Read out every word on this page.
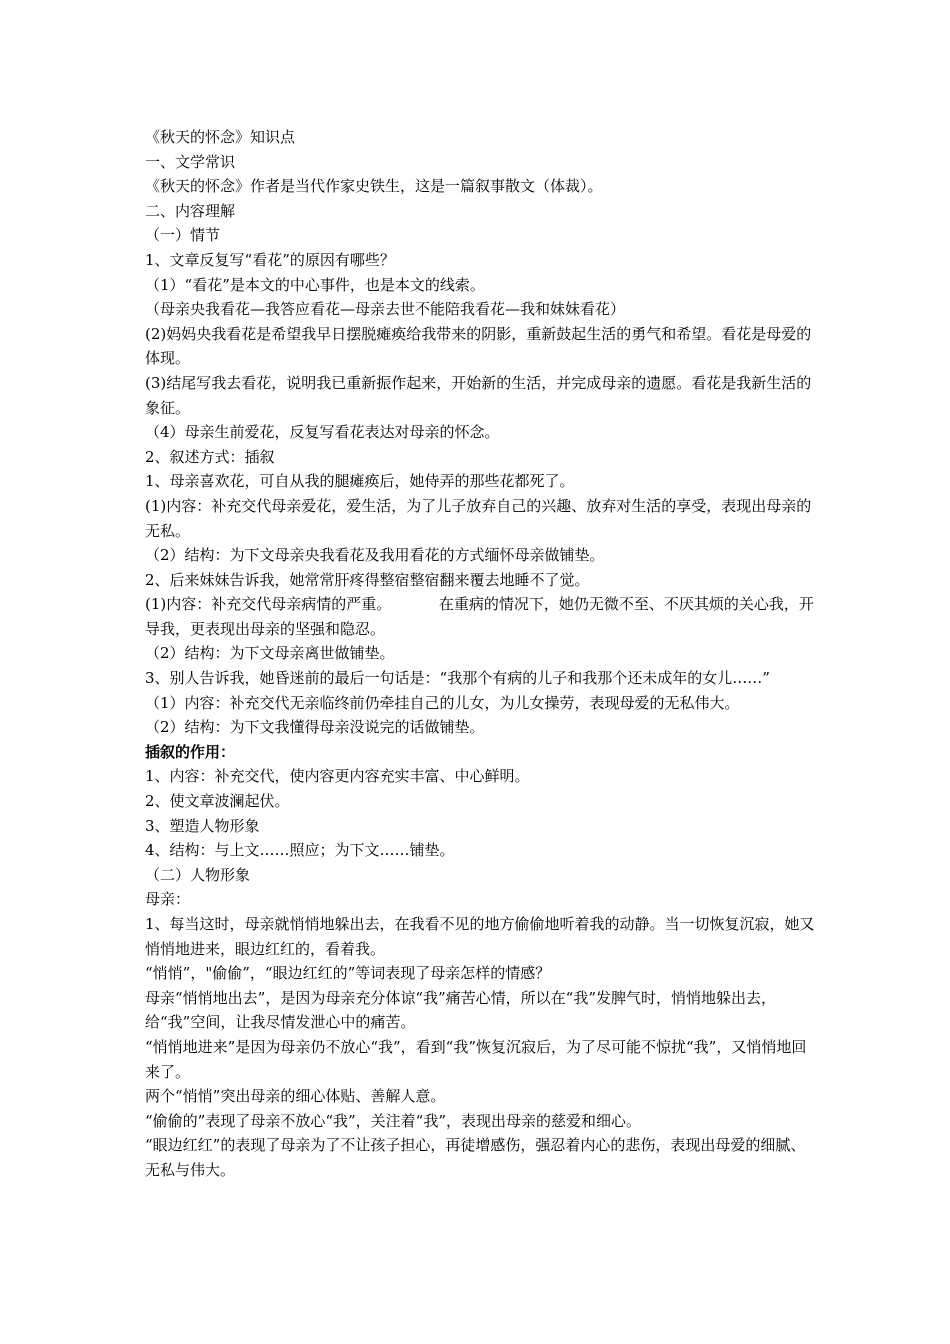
《秋天的怀念》知识点

一、文学常识

《秋天的怀念》作者是当代作家史铁生，这是一篇叙事散文（体裁）。

二、内容理解

（一）情节

1、文章反复写“看花”的原因有哪些？

（1）“看花”是本文的中心事件，也是本文的线索。

（母亲央我看花—我答应看花—母亲去世不能陪我看花—我和妹妹看花）

(2)妈妈央我看花是希望我早日摆脱瘫痪给我带来的阴影，重新鼓起生活的勇气和希望。看花是母爱的体现。

(3)结尾写我去看花，说明我已重新振作起来，开始新的生活，并完成母亲的遗愿。看花是我新生活的象征。

（4）母亲生前爱花，反复写看花表达对母亲的怀念。

2、叙述方式：插叙

1、母亲喜欢花，可自从我的腿瘫痪后，她侍弄的那些花都死了。

(1)内容：补充交代母亲爱花，爱生活，为了儿子放弃自己的兴趣、放弃对生活的享受，表现出母亲的无私。

（2）结构：为下文母亲央我看花及我用看花的方式缅怀母亲做铺垫。

2、后来妹妹告诉我，她常常肝疼得整宿整宿翻来覆去地睡不了觉。

(1)内容：补充交代母亲病情的严重。          在重病的情况下，她仍无微不至、不厌其烦的关心我，开导我，更表现出母亲的坚强和隐忍。

（2）结构：为下文母亲离世做铺垫。

3、别人告诉我，她昏迷前的最后一句话是：“我那个有病的儿子和我那个还未成年的女儿……”

（1）内容：补充交代无亲临终前仍牵挂自己的儿女，为儿女操劳，表现母爱的无私伟大。

（2）结构：为下文我懂得母亲没说完的话做铺垫。

插叙的作用：

1、内容：补充交代，使内容更内容充实丰富、中心鲜明。

2、使文章波澜起伏。

3、塑造人物形象

4、结构：与上文……照应；为下文……铺垫。

（二）人物形象

母亲：

1、每当这时，母亲就悄悄地躲出去，在我看不见的地方偷偷地听着我的动静。当一切恢复沉寂，她又悄悄地进来，眼边红红的，看着我。

“悄悄”，"偷偷”，“眼边红红的”等词表现了母亲怎样的情感？

母亲“悄悄地出去”，是因为母亲充分体谅“我”痛苦心情，所以在“我”发脾气时，悄悄地躲出去，给“我”空间，让我尽情发泄心中的痛苦。

“悄悄地进来”是因为母亲仍不放心“我”，看到“我”恢复沉寂后，为了尽可能不惊扰“我”，又悄悄地回来了。

两个“悄悄”突出母亲的细心体贴、善解人意。

“偷偷的”表现了母亲不放心“我”，关注着“我”，表现出母亲的慈爱和细心。

“眼边红红”的表现了母亲为了不让孩子担心，再徒增感伤，强忍着内心的悲伤，表现出母爱的细腻、无私与伟大。
